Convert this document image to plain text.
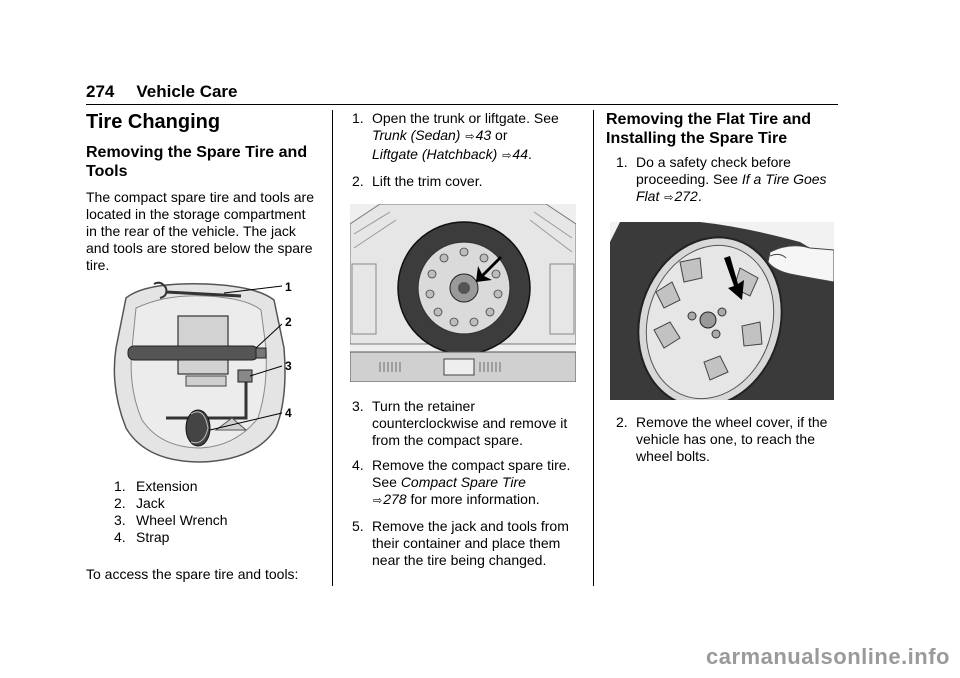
274 Vehicle Care
Tire Changing
Removing the Spare Tire and Tools

The compact spare tire and tools are located in the storage compartment in the rear of the vehicle. The jack and tools are stored below the spare tire.

1
2
3
4
1. Extension
2. Jack
3. Wheel Wrench
4. Strap

To access the spare tire and tools:

1. Open the trunk or liftgate. See Trunk (Sedan) ⇨43 or
Liftgate (Hatchback) ⇨44.
2. Lift the trim cover.
3. Turn the retainer counterclockwise and remove it from the compact spare.
4. Remove the compact spare tire. See Compact Spare Tire
⇨278 for more information.
5. Remove the jack and tools from their container and place them near the tire being changed.
Removing the Flat Tire and Installing the Spare Tire
1. Do a safety check before proceeding. See If a Tire Goes Flat ⇨272.
2. Remove the wheel cover, if the vehicle has one, to reach the wheel bolts.
carmanualsonline.info
